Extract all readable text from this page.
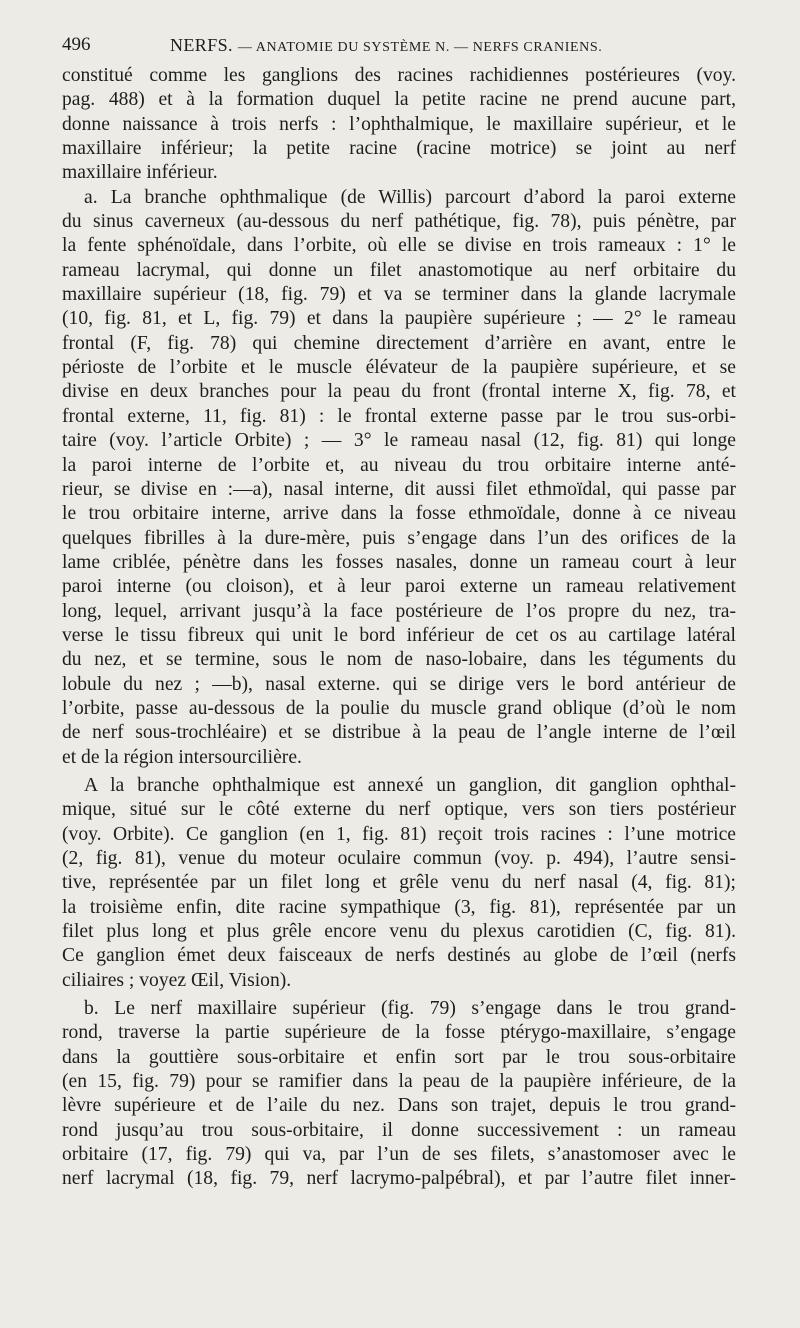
496	NERFS. — ANATOMIE DU SYSTÈME N. — NERFS CRANIENS.
constitué comme les ganglions des racines rachidiennes postérieures (voy.
pag. 488) et à la formation duquel la petite racine ne prend aucune part,
donne naissance à trois nerfs : l’ophthalmique, le maxillaire supérieur, et le
maxillaire inférieur; la petite racine (racine motrice) se joint au nerf
maxillaire inférieur.
a. La branche ophthmalique (de Willis) parcourt d’abord la paroi externe
du sinus caverneux (au-dessous du nerf pathétique, fig. 78), puis pénètre, par
la fente sphénoïdale, dans l’orbite, où elle se divise en trois rameaux : 1° le
rameau lacrymal, qui donne un filet anastomotique au nerf orbitaire du
maxillaire supérieur (18, fig. 79) et va se terminer dans la glande lacrymale
(10, fig. 81, et L, fig. 79) et dans la paupière supérieure ; — 2° le rameau
frontal (F, fig. 78) qui chemine directement d’arrière en avant, entre le
périoste de l’orbite et le muscle élévateur de la paupière supérieure, et se
divise en deux branches pour la peau du front (frontal interne X, fig. 78, et
frontal externe, 11, fig. 81) : le frontal externe passe par le trou sus-orbi-
taire (voy. l’article Orbite) ; — 3° le rameau nasal (12, fig. 81) qui longe
la paroi interne de l’orbite et, au niveau du trou orbitaire interne anté-
rieur, se divise en :—a), nasal interne, dit aussi filet ethmoïdal, qui passe par
le trou orbitaire interne, arrive dans la fosse ethmoïdale, donne à ce niveau
quelques fibrilles à la dure-mère, puis s’engage dans l’un des orifices de la
lame criblée, pénètre dans les fosses nasales, donne un rameau court à leur
paroi interne (ou cloison), et à leur paroi externe un rameau relativement
long, lequel, arrivant jusqu’à la face postérieure de l’os propre du nez, tra-
verse le tissu fibreux qui unit le bord inférieur de cet os au cartilage latéral
du nez, et se termine, sous le nom de naso-lobaire, dans les téguments du
lobule du nez ; —b), nasal externe. qui se dirige vers le bord antérieur de
l’orbite, passe au-dessous de la poulie du muscle grand oblique (d’où le nom
de nerf sous-trochléaire) et se distribue à la peau de l’angle interne de l’œil
et de la région intersourcilière.
A la branche ophthalmique est annexé un ganglion, dit ganglion ophthal-
mique, situé sur le côté externe du nerf optique, vers son tiers postérieur
(voy. Orbite). Ce ganglion (en 1, fig. 81) reçoit trois racines : l’une motrice
(2, fig. 81), venue du moteur oculaire commun (voy. p. 494), l’autre sensi-
tive, représentée par un filet long et grêle venu du nerf nasal (4, fig. 81);
la troisième enfin, dite racine sympathique (3, fig. 81), représentée par un
filet plus long et plus grêle encore venu du plexus carotidien (C, fig. 81).
Ce ganglion émet deux faisceaux de nerfs destinés au globe de l’œil (nerfs
ciliaires ; voyez Œil, Vision).
b. Le nerf maxillaire supérieur (fig. 79) s’engage dans le trou grand-
rond, traverse la partie supérieure de la fosse ptérygo-maxillaire, s’engage
dans la gouttière sous-orbitaire et enfin sort par le trou sous-orbitaire
(en 15, fig. 79) pour se ramifier dans la peau de la paupière inférieure, de la
lèvre supérieure et de l’aile du nez. Dans son trajet, depuis le trou grand-
rond jusqu’au trou sous-orbitaire, il donne successivement : un rameau
orbitaire (17, fig. 79) qui va, par l’un de ses filets, s’anastomoser avec le
nerf lacrymal (18, fig. 79, nerf lacrymo-palpébral), et par l’autre filet inner-
